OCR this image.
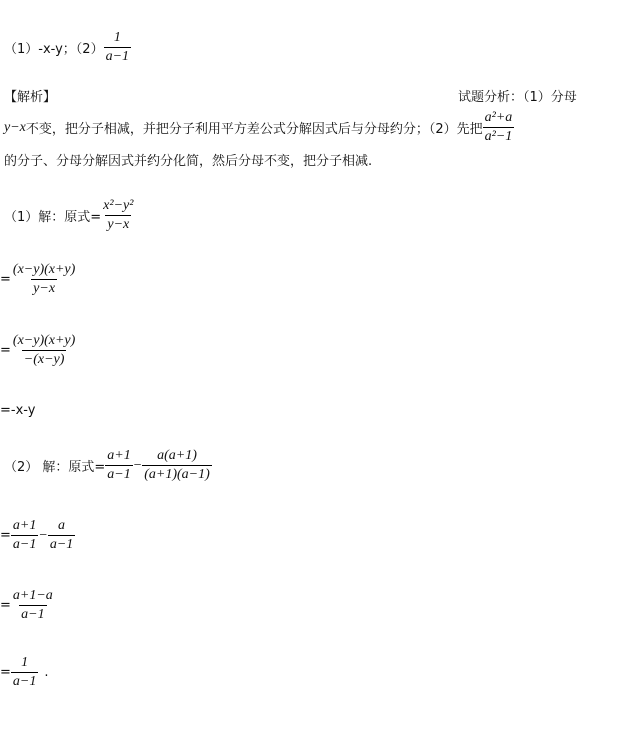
（1）-x-y；$(2) \frac{1}{a-1}$
【解析】	试题分析：（1）分母
y−x 不变，把分子相减，并把分子利用平方差公式分解因式后与分母约分；（2）先把 $\frac{\text{a²+a}}{\text{a²−1}}$
的分子、分母分解因式并约分化简，然后分母不变，把分子相减.
（1）解：原式= $\frac{\text{x²−y²}}{y-x}$
= $\frac{(x-y)(x+y)}{y-x}$
= $\frac{(x-y)(x+y)}{-(x-y)}$
=-x-y
（2） 解：原式= $\frac{a+1}{a-1} - \frac{a(a+1)}{(a+1)(a-1)}$
= $\frac{a+1}{a-1} - \frac{a}{a-1}$
= $\frac{a+1-a}{a-1}$
= $\frac{1}{a-1}$ .
